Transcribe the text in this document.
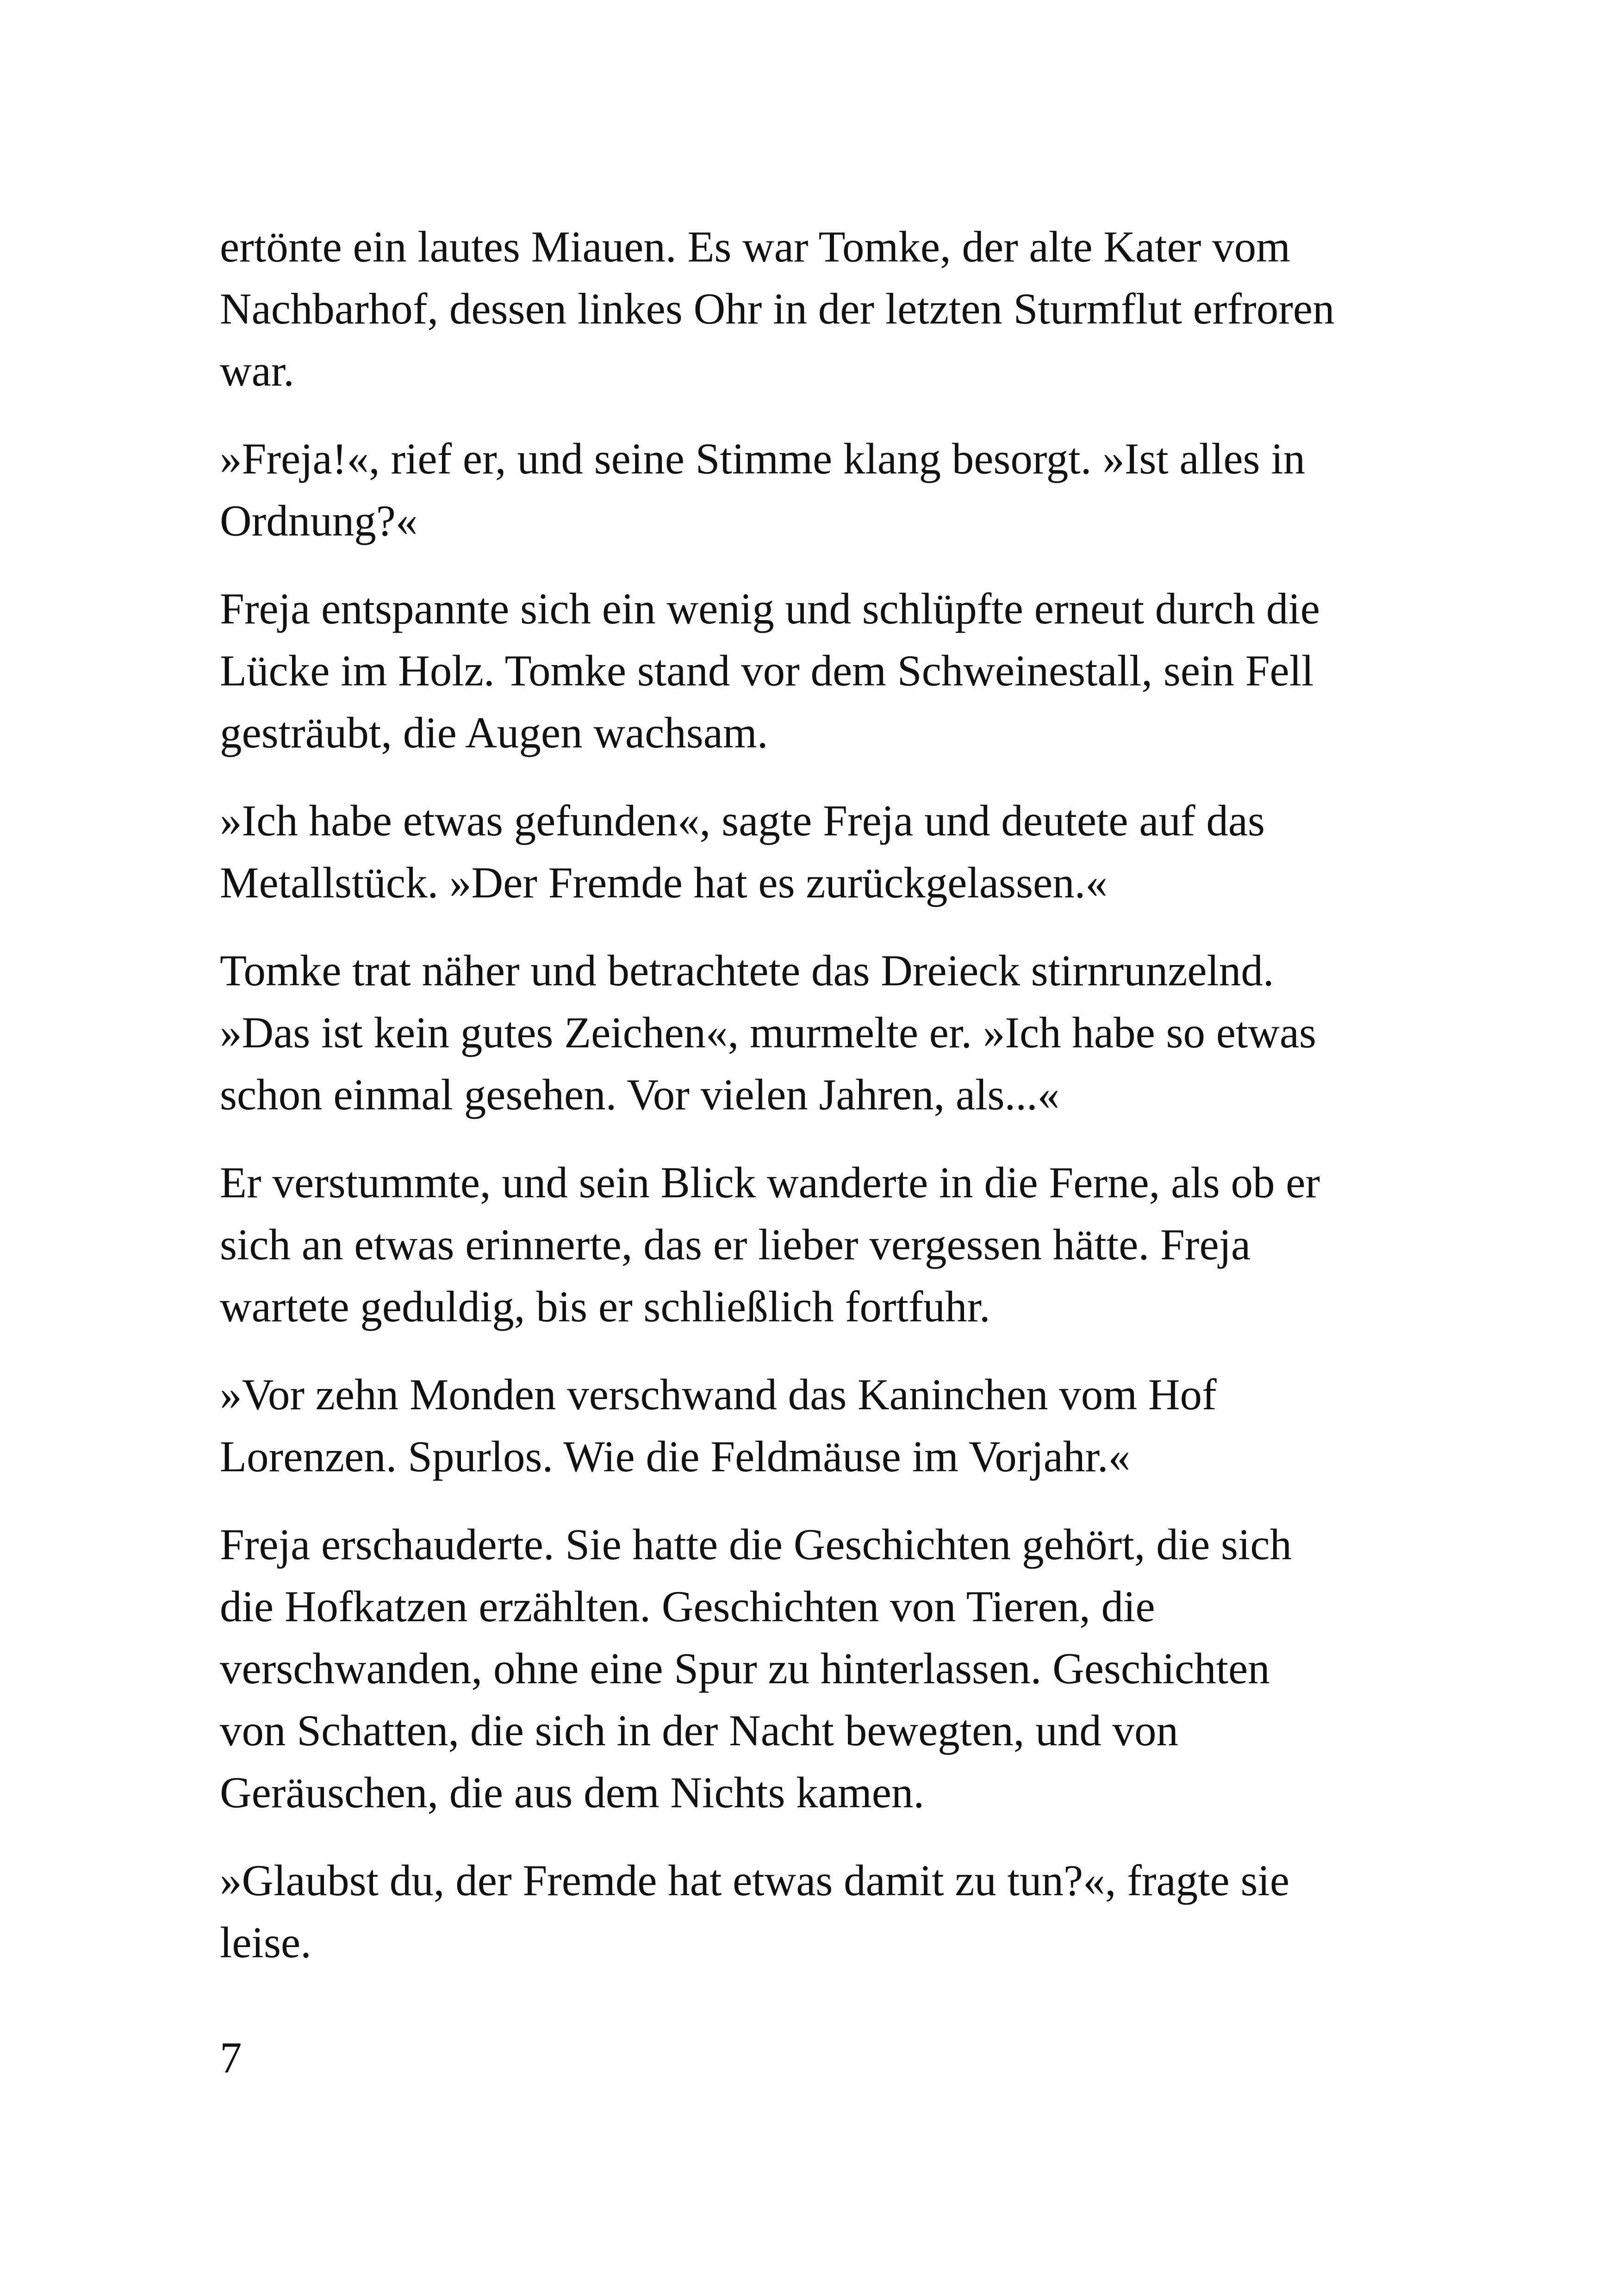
ertönte ein lautes Miauen. Es war Tomke, der alte Kater vom
Nachbarhof, dessen linkes Ohr in der letzten Sturmflut erfroren
war.

»Freja!«, rief er, und seine Stimme klang besorgt. »Ist alles in
Ordnung?«

Freja entspannte sich ein wenig und schlüpfte erneut durch die
Lücke im Holz. Tomke stand vor dem Schweinestall, sein Fell
gesträubt, die Augen wachsam.

»Ich habe etwas gefunden«, sagte Freja und deutete auf das
Metallstück. »Der Fremde hat es zurückgelassen.«

Tomke trat näher und betrachtete das Dreieck stirnrunzelnd.
»Das ist kein gutes Zeichen«, murmelte er. »Ich habe so etwas
schon einmal gesehen. Vor vielen Jahren, als...«

Er verstummte, und sein Blick wanderte in die Ferne, als ob er
sich an etwas erinnerte, das er lieber vergessen hätte. Freja
wartete geduldig, bis er schließlich fortfuhr.

»Vor zehn Monden verschwand das Kaninchen vom Hof
Lorenzen. Spurlos. Wie die Feldmäuse im Vorjahr.«

Freja erschauderte. Sie hatte die Geschichten gehört, die sich
die Hofkatzen erzählten. Geschichten von Tieren, die
verschwanden, ohne eine Spur zu hinterlassen. Geschichten
von Schatten, die sich in der Nacht bewegten, und von
Geräuschen, die aus dem Nichts kamen.

»Glaubst du, der Fremde hat etwas damit zu tun?«, fragte sie
leise.

7
